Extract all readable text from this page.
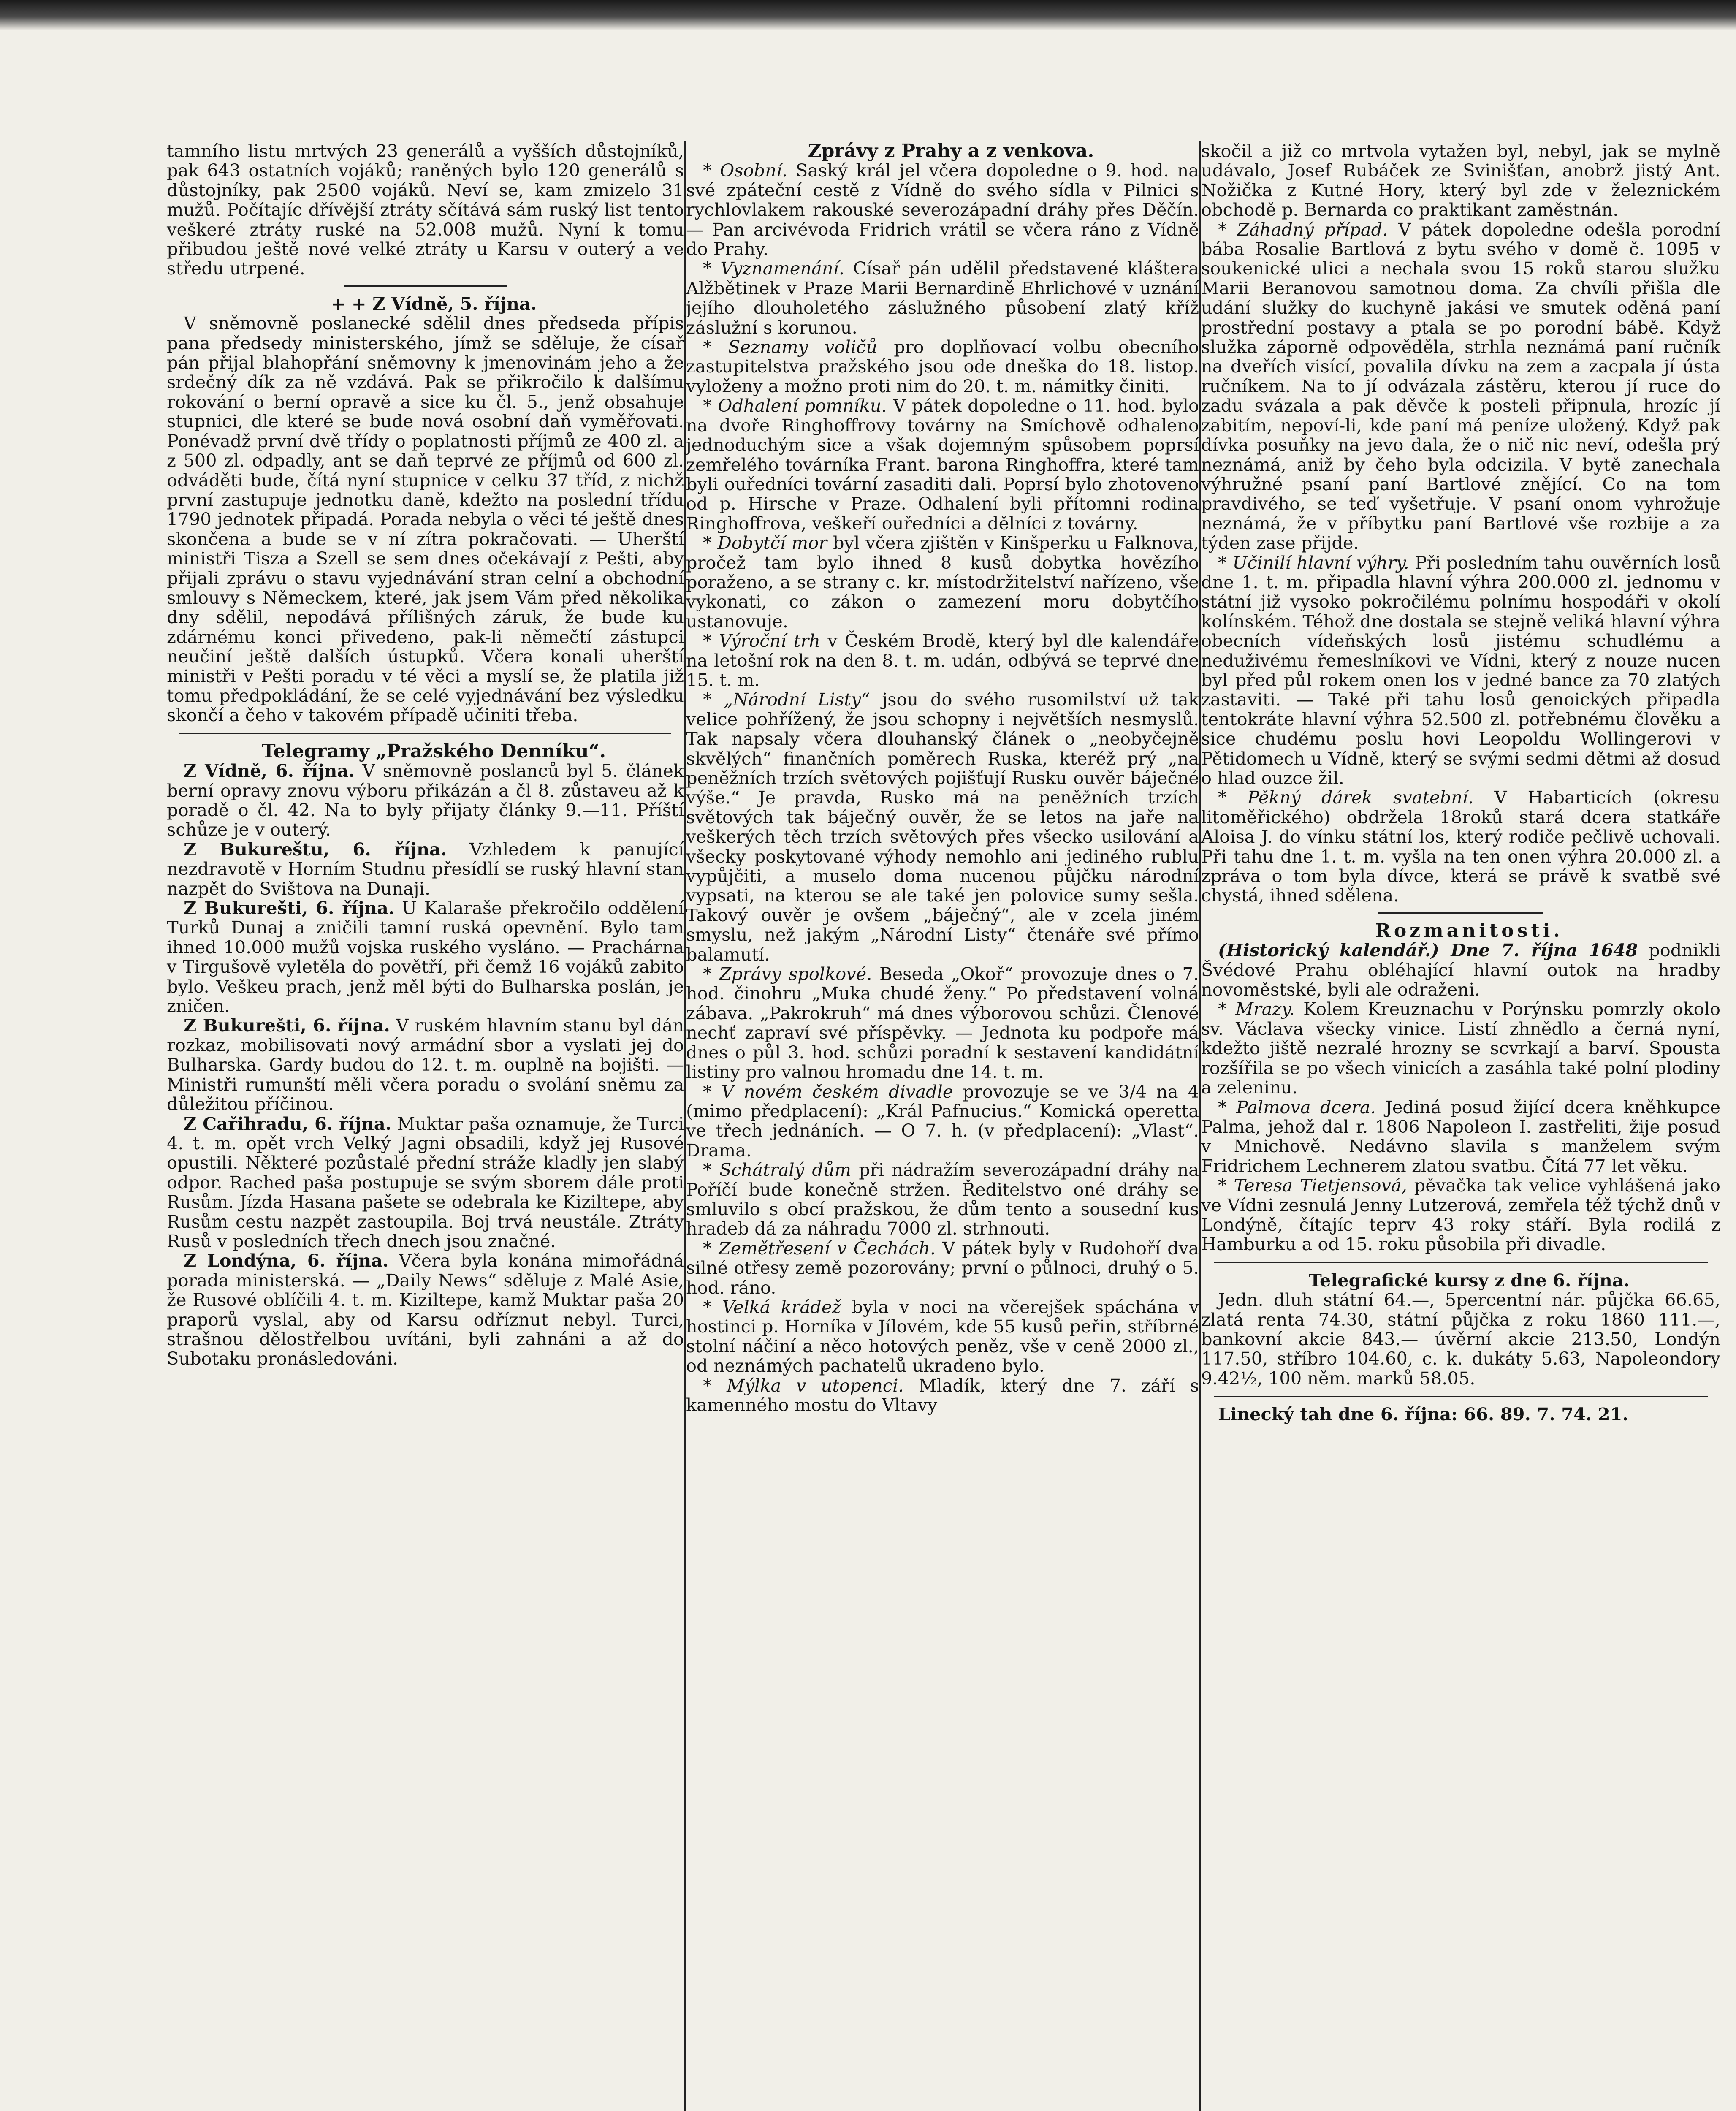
tamního listu mrtvých 23 generálů a vyšších důstojníků, pak 643 ostatních vojáků; raněných bylo 120 generálů s důstojníky, pak 2500 vojáků. Neví se, kam zmizelo 31 mužů. Počítajíc dřívější ztráty sčítává sám ruský list tento veškeré ztráty ruské na 52.008 mužů. Nyní k tomu přibudou ještě nové velké ztráty u Karsu v outerý a ve středu utrpené.

+ + Z Vídně, 5. října.

V sněmovně poslanecké sdělil dnes předseda přípis pana předsedy ministerského, jímž se sděluje, že císař pán přijal blahopřání sněmovny k jmenovinám jeho a že srdečný dík za ně vzdává. Pak se přikročilo k dalšímu rokování o berní opravě a sice ku čl. 5., jenž obsahuje stupnici, dle které se bude nová osobní daň vyměřovati. Ponévadž první dvě třídy o poplatnosti příjmů ze 400 zl. a z 500 zl. odpadly, ant se daň teprvé ze příjmů od 600 zl. odváděti bude, čítá nyní stupnice v celku 37 tříd, z nichž první zastupuje jednotku daně, kdežto na poslední třídu 1790 jednotek připadá. Porada nebyla o věci té ještě dnes skončena a bude se v ní zítra pokračovati. — Uherští ministři Tisza a Szell se sem dnes očekávají z Pešti, aby přijali zprávu o stavu vyjednávání stran celní a obchodní smlouvy s Německem, které, jak jsem Vám před několika dny sdělil, nepodává přílišných záruk, že bude ku zdárnému konci přivedeno, pak-li němečtí zástupci neučiní ještě dalších ústupků. Včera konali uherští ministři v Pešti poradu v té věci a myslí se, že platila již tomu předpokládání, že se celé vyjednávání bez výsledku skončí a čeho v takovém případě učiniti třeba.

Telegramy „Pražského Denníku“.

Z Vídně, 6. října. V sněmovně poslanců byl 5. článek berní opravy znovu výboru přikázán a čl 8. zůstaveu až k poradě o čl. 42. Na to byly přijaty články 9.—11. Příští schůze je v outerý.

Z Bukureštu, 6. října. Vzhledem k panující nezdravotě v Horním Studnu přesídlí se ruský hlavní stan nazpět do Svištova na Dunaji.

Z Bukurešti, 6. října. U Kalaraše překročilo oddělení Turků Dunaj a zničili tamní ruská opevnění. Bylo tam ihned 10.000 mužů vojska ruského vysláno. — Prachárna v Tirgušově vyletěla do povětří, při čemž 16 vojáků zabito bylo. Veškeu prach, jenž měl býti do Bulharska poslán, je zničen.

Z Bukurešti, 6. října. V ruském hlavním stanu byl dán rozkaz, mobilisovati nový armádní sbor a vyslati jej do Bulharska. Gardy budou do 12. t. m. ouplně na bojišti. — Ministři rumunští měli včera poradu o svolání sněmu za důležitou příčinou.

Z Cařihradu, 6. října. Muktar paša oznamuje, že Turci 4. t. m. opět vrch Velký Jagni obsadili, když jej Rusové opustili. Některé pozůstalé přední stráže kladly jen slabý odpor. Rached paša postupuje se svým sborem dále proti Rusům. Jízda Hasana pašete se odebrala ke Kiziltepe, aby Rusům cestu nazpět zastoupila. Boj trvá neustále. Ztráty Rusů v posledních třech dnech jsou značné.

Z Londýna, 6. října. Včera byla konána mimořádná porada ministerská. — „Daily News“ sděluje z Malé Asie, že Rusové oblíčili 4. t. m. Kiziltepe, kamž Muktar paša 20 praporů vyslal, aby od Karsu odříznut nebyl. Turci, strašnou dělostřelbou uvítáni, byli zahnáni a až do Subotaku pronásledováni.

Zprávy z Prahy a z venkova.

* Osobní. Saský král jel včera dopoledne o 9. hod. na své zpáteční cestě z Vídně do svého sídla v Pilnici s rychlovlakem rakouské severozápadní dráhy přes Děčín. — Pan arcivévoda Fridrich vrátil se včera ráno z Vídně do Prahy.

* Vyznamenání. Císař pán udělil představené kláštera Alžbětinek v Praze Marii Bernardině Ehrlichové v uznání jejího dlouholetého záslužného působení zlatý kříž záslužní s korunou.

* Seznamy voličů pro doplňovací volbu obecního zastupitelstva pražského jsou ode dneška do 18. listop. vyloženy a možno proti nim do 20. t. m. námitky činiti.

* Odhalení pomníku. V pátek dopoledne o 11. hod. bylo na dvoře Ringhoffrovy továrny na Smíchově odhaleno jednoduchým sice a však dojemným spůsobem poprsí zemřelého továrníka Frant. barona Ringhoffra, které tam byli ouředníci tovární zasaditi dali. Poprsí bylo zhotoveno od p. Hirsche v Praze. Odhalení byli přítomni rodina Ringhoffrova, veškeří ouředníci a dělníci z továrny.

* Dobytčí mor byl včera zjištěn v Kinšperku u Falknova, pročež tam bylo ihned 8 kusů dobytka hovězího poraženo, a se strany c. kr. místodržitelství nařízeno, vše vykonati, co zákon o zamezení moru dobytčího ustanovuje.

* Výroční trh v Českém Brodě, který byl dle kalendáře na letošní rok na den 8. t. m. udán, odbývá se teprvé dne 15. t. m.

* „Národní Listy“ jsou do svého rusomilství už tak velice pohřížený, že jsou schopny i největších nesmyslů. Tak napsaly včera dlouhanský článek o „neobyčejně skvělých“ finančních poměrech Ruska, kteréž prý „na peněžních trzích světových pojišťují Rusku ouvěr báječné výše.“ Je pravda, Rusko má na peněžních trzích světových tak báječný ouvěr, že se letos na jaře na veškerých těch trzích světových přes všecko usilování a všecky poskytované výhody nemohlo ani jediného rublu vypůjčiti, a muselo doma nucenou půjčku národní vypsati, na kterou se ale také jen polovice sumy sešla. Takový ouvěr je ovšem „báječný“, ale v zcela jiném smyslu, než jakým „Národní Listy“ čtenáře své přímo balamutí.

* Zprávy spolkové. Beseda „Okoř“ provozuje dnes o 7. hod. činohru „Muka chudé ženy.“ Po představení volná zábava. „Pakrokruh“ má dnes výborovou schůzi. Členové nechť zapraví své příspěvky. — Jednota ku podpoře má dnes o půl 3. hod. schůzi poradní k sestavení kandidátní listiny pro valnou hromadu dne 14. t. m.

* V novém českém divadle provozuje se ve 3/4 na 4 (mimo předplacení): „Král Pafnucius.“ Komická operetta ve třech jednáních. — O 7. h. (v předplacení): „Vlast“. Drama.

* Schátralý dům při nádražím severozápadní dráhy na Poříčí bude konečně stržen. Ředitelstvo oné dráhy se smluvilo s obcí pražskou, že dům tento a sousední kus hradeb dá za náhradu 7000 zl. strhnouti.

* Zemětřesení v Čechách. V pátek byly v Rudohoří dva silné otřesy země pozorovány; první o půlnoci, druhý o 5. hod. ráno.

* Velká krádež byla v noci na včerejšek spáchána v hostinci p. Horníka v Jílovém, kde 55 kusů peřin, stříbrné stolní náčiní a něco hotových peněz, vše v ceně 2000 zl., od neznámých pachatelů ukradeno bylo.

* Mýlka v utopenci. Mladík, který dne 7. září s kamenného mostu do Vltavy

skočil a již co mrtvola vytažen byl, nebyl, jak se mylně udávalo, Josef Rubáček ze Svinišťan, anobrž jistý Ant. Nožička z Kutné Hory, který byl zde v železnickém obchodě p. Bernarda co praktikant zaměstnán.

* Záhadný případ. V pátek dopoledne odešla porodní bába Rosalie Bartlová z bytu svého v domě č. 1095 v soukenické ulici a nechala svou 15 roků starou služku Marii Beranovou samotnou doma. Za chvíli přišla dle udání služky do kuchyně jakási ve smutek oděná paní prostřední postavy a ptala se po porodní bábě. Když služka záporně odpověděla, strhla neznámá paní ručník na dveřích visící, povalila dívku na zem a zacpala jí ústa ručníkem. Na to jí odvázala zástěru, kterou jí ruce do zadu svázala a pak děvče k posteli připnula, hrozíc jí zabitím, nepoví-li, kde paní má peníze uložený. Když pak dívka posuňky na jevo dala, že o nič nic neví, odešla prý neznámá, aniž by čeho byla odcizila. V bytě zanechala výhružné psaní paní Bartlové znějící. Co na tom pravdivého, se teď vyšetřuje. V psaní onom vyhrožuje neznámá, že v příbytku paní Bartlové vše rozbije a za týden zase přijde.

* Učinilí hlavní výhry. Při posledním tahu ouvěrních losů dne 1. t. m. připadla hlavní výhra 200.000 zl. jednomu v státní již vysoko pokročilému polnímu hospodáři v okolí kolínském. Téhož dne dostala se stejně veliká hlavní výhra obecních vídeňských losů jistému schudlému a neduživému řemeslníkovi ve Vídni, který z nouze nucen byl před půl rokem onen los v jedné bance za 70 zlatých zastaviti. — Také při tahu losů genoických připadla tentokráte hlavní výhra 52.500 zl. potřebnému člověku a sice chudému poslu hovi Leopoldu Wollingerovi v Pětidomech u Vídně, který se svými sedmi dětmi až dosud o hlad ouzce žil.

* Pěkný dárek svatební. V Habarticích (okresu litoměřického) obdržela 18roků stará dcera statkáře Aloisa J. do vínku státní los, který rodiče pečlivě uchovali. Při tahu dne 1. t. m. vyšla na ten onen výhra 20.000 zl. a zpráva o tom byla dívce, která se právě k svatbě své chystá, ihned sdělena.

Rozmanitosti.

(Historický kalendář.) Dne 7. října 1648 podnikli Švédové Prahu obléhající hlavní outok na hradby novoměstské, byli ale odraženi.

* Mrazy. Kolem Kreuznachu v Porýnsku pomrzly okolo sv. Václava všecky vinice. Listí zhnědlo a černá nyní, kdežto jiště nezralé hrozny se scvrkají a barví. Spousta rozšířila se po všech vinicích a zasáhla také polní plodiny a zeleninu.

* Palmova dcera. Jediná posud žijící dcera kněhkupce Palma, jehož dal r. 1806 Napoleon I. zastřeliti, žije posud v Mnichově. Nedávno slavila s manželem svým Fridrichem Lechnerem zlatou svatbu. Čítá 77 let věku.

* Teresa Tietjensová, pěvačka tak velice vyhlášená jako ve Vídni zesnulá Jenny Lutzerová, zemřela též týchž dnů v Londýně, čítajíc teprv 43 roky stáří. Byla rodilá z Hamburku a od 15. roku působila při divadle.

Telegrafické kursy z dne 6. října.

Jedn. dluh státní 64.—, 5percentní nár. půjčka 66.65, zlatá renta 74.30, státní půjčka z roku 1860 111.—, bankovní akcie 843.— úvěrní akcie 213.50, Londýn 117.50, stříbro 104.60, c. k. dukáty 5.63, Napoleondory 9.42½, 100 něm. marků 58.05.

Linecký tah dne 6. října: 66. 89. 7. 74. 21.
